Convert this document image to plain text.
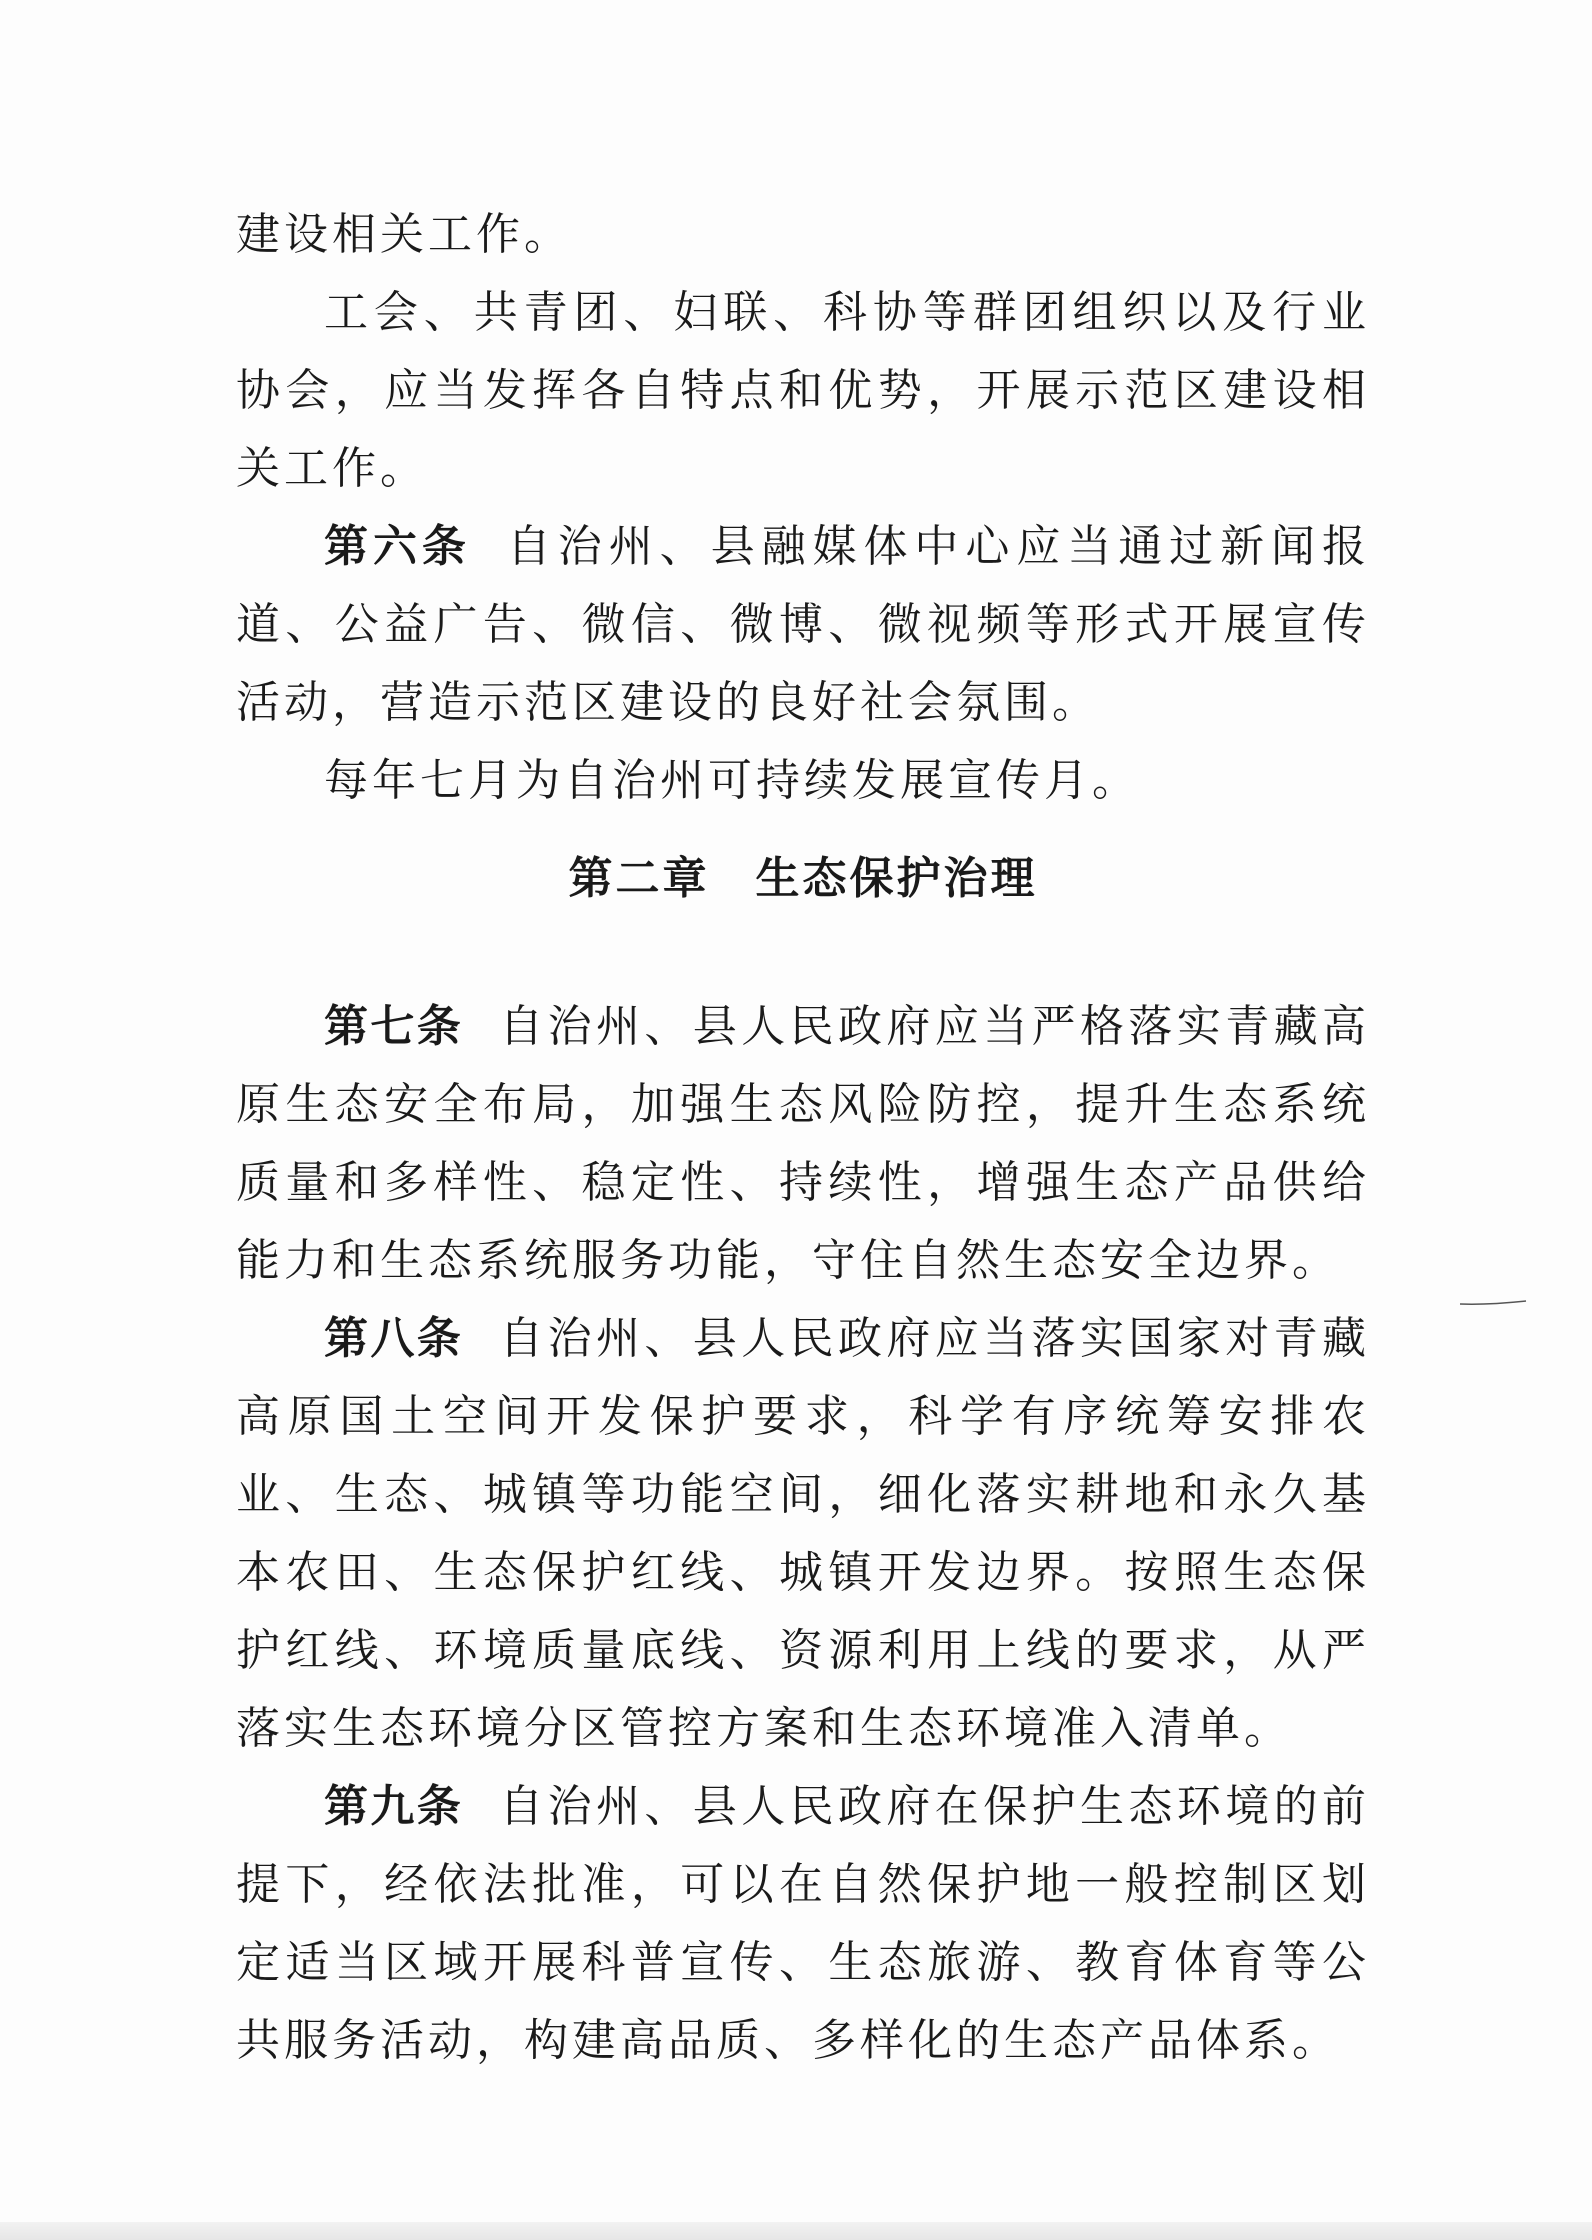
建设相关工作。

工会、共青团、妇联、科协等群团组织以及行业协会，应当发挥各自特点和优势，开展示范区建设相关工作。

第六条 自治州、县融媒体中心应当通过新闻报道、公益广告、微信、微博、微视频等形式开展宣传活动，营造示范区建设的良好社会氛围。

每年七月为自治州可持续发展宣传月。

第二章 生态保护治理

第七条 自治州、县人民政府应当严格落实青藏高原生态安全布局，加强生态风险防控，提升生态系统质量和多样性、稳定性、持续性，增强生态产品供给能力和生态系统服务功能，守住自然生态安全边界。

第八条 自治州、县人民政府应当落实国家对青藏高原国土空间开发保护要求，科学有序统筹安排农业、生态、城镇等功能空间，细化落实耕地和永久基本农田、生态保护红线、城镇开发边界。按照生态保护红线、环境质量底线、资源利用上线的要求，从严落实生态环境分区管控方案和生态环境准入清单。

第九条 自治州、县人民政府在保护生态环境的前提下，经依法批准，可以在自然保护地一般控制区划定适当区域开展科普宣传、生态旅游、教育体育等公共服务活动，构建高品质、多样化的生态产品体系。
